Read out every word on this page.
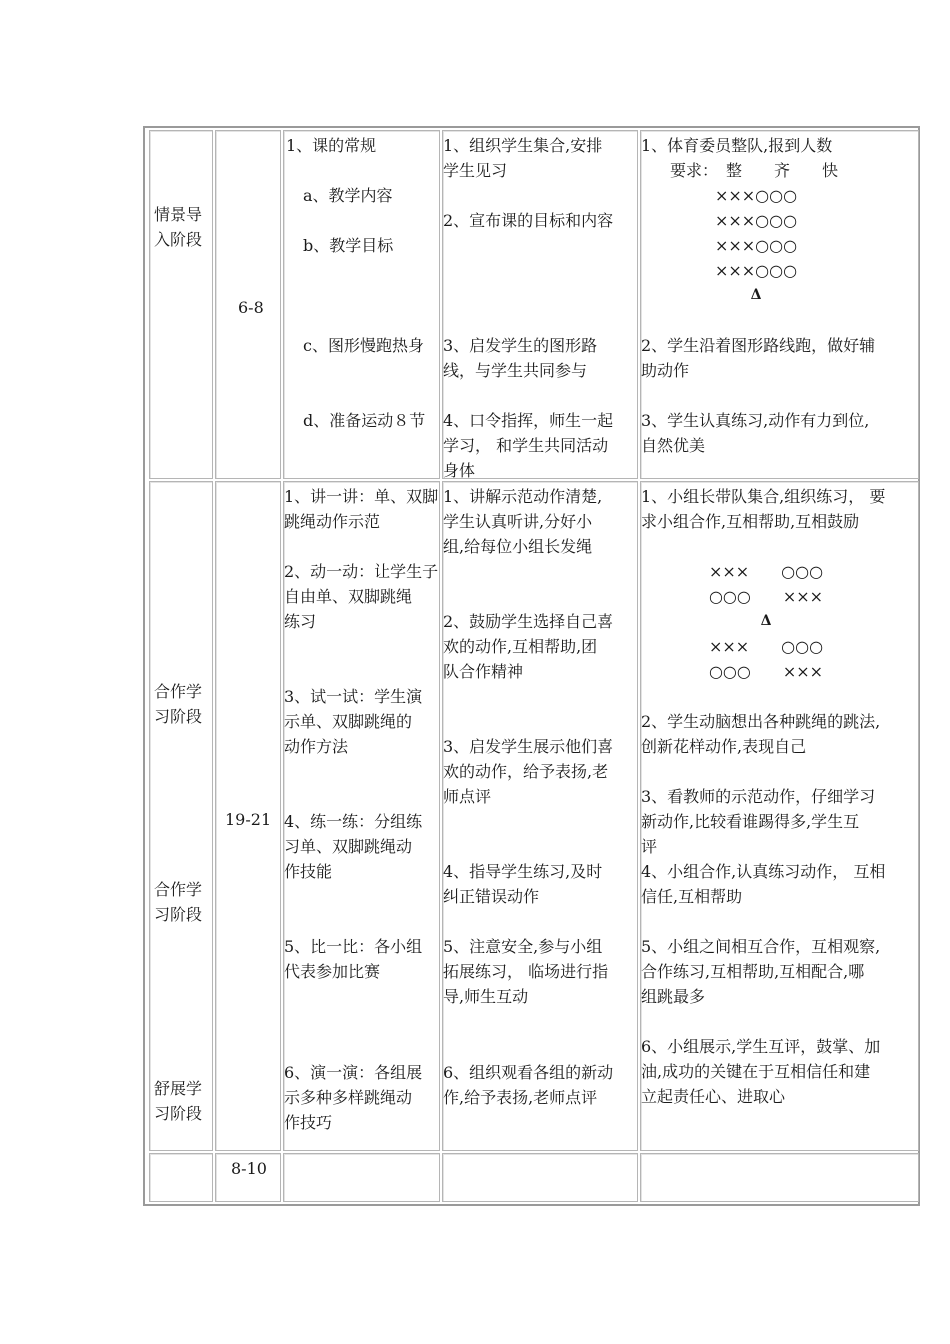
情景导
入阶段
6-8
1、课的常规
a、教学内容
b、教学目标
c、图形慢跑热身
d、准备运动８节
1、组织学生集合,安排
学生见习
2、宣布课的目标和内容
3、启发学生的图形路
线，与学生共同参与
4、口令指挥，师生一起
学习， 和学生共同活动
身体
1、体育委员整队,报到人数
要求：　整　　齐　　快
×××○○○
×××○○○
×××○○○
×××○○○
Δ
2、学生沿着图形路线跑，做好辅
助动作
3、学生认真练习,动作有力到位,
自然优美
合作学
习阶段
合作学
习阶段
舒展学
习阶段
19-21
1、讲一讲：单、双脚
跳绳动作示范
2、动一动：让学生子
自由单、双脚跳绳
练习
3、试一试：学生演
示单、双脚跳绳的
动作方法
4、练一练：分组练
习单、双脚跳绳动
作技能
5、比一比：各小组
代表参加比赛
6、演一演：各组展
示多种多样跳绳动
作技巧
1、讲解示范动作清楚,
学生认真听讲,分好小
组,给每位小组长发绳
2、鼓励学生选择自己喜
欢的动作,互相帮助,团
队合作精神
3、启发学生展示他们喜
欢的动作，给予表扬,老
师点评
4、指导学生练习,及时
纠正错误动作
5、注意安全,参与小组
拓展练习， 临场进行指
导,师生互动
6、组织观看各组的新动
作,给予表扬,老师点评
1、小组长带队集合,组织练习， 要
求小组合作,互相帮助,互相鼓励
×××　　○○○
○○○　　×××
Δ
×××　　○○○
○○○　　×××
2、学生动脑想出各种跳绳的跳法,
创新花样动作,表现自己
3、看教师的示范动作，仔细学习
新动作,比较看谁踢得多,学生互
评
4、小组合作,认真练习动作， 互相
信任,互相帮助
5、小组之间相互合作，互相观察,
合作练习,互相帮助,互相配合,哪
组跳最多
6、小组展示,学生互评，鼓掌、加
油,成功的关键在于互相信任和建
立起责任心、进取心
8-10
